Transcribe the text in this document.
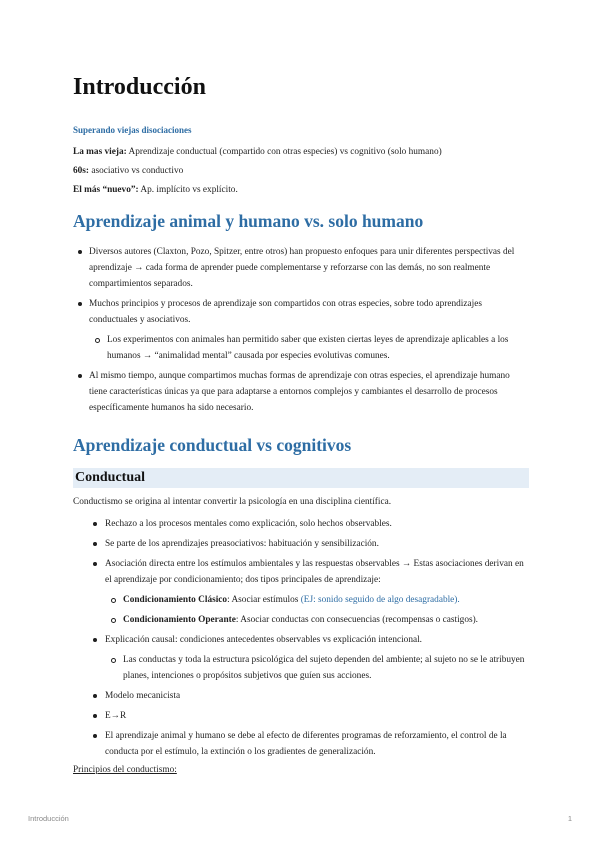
Introducción
Superando viejas disociaciones

La mas vieja: Aprendizaje conductual (compartido con otras especies) vs cognitivo (solo humano)

60s: asociativo vs conductivo

El más “nuevo”: Ap. implícito vs explícito.

Aprendizaje animal y humano vs. solo humano
Diversos autores (Claxton, Pozo, Spitzer, entre otros) han propuesto enfoques para unir diferentes perspectivas del aprendizaje → cada forma de aprender puede complementarse y reforzarse con las demás, no son realmente compartimientos separados.
Muchos principios y procesos de aprendizaje son compartidos con otras especies, sobre todo aprendizajes conductuales y asociativos.
Los experimentos con animales han permitido saber que existen ciertas leyes de aprendizaje aplicables a los humanos → “animalidad mental” causada por especies evolutivas comunes.
Al mismo tiempo, aunque compartimos muchas formas de aprendizaje con otras especies, el aprendizaje humano tiene características únicas ya que para adaptarse a entornos complejos y cambiantes el desarrollo de procesos específicamente humanos ha sido necesario.
Aprendizaje conductual vs cognitivos
Conductual

Conductismo se origina al intentar convertir la psicología en una disciplina científica.

Rechazo a los procesos mentales como explicación, solo hechos observables.
Se parte de los aprendizajes preasociativos: habituación y sensibilización.
Asociación directa entre los estímulos ambientales y las respuestas observables → Estas asociaciones derivan en el aprendizaje por condicionamiento; dos tipos principales de aprendizaje:
Condicionamiento Clásico: Asociar estímulos (EJ: sonido seguido de algo desagradable).
Condicionamiento Operante: Asociar conductas con consecuencias (recompensas o castigos).
Explicación causal: condiciones antecedentes observables vs explicación intencional.
Las conductas y toda la estructura psicológica del sujeto dependen del ambiente; al sujeto no se le atribuyen planes, intenciones o propósitos subjetivos que guíen sus acciones.
Modelo mecanicista
E→R
El aprendizaje animal y humano se debe al efecto de diferentes programas de reforzamiento, el control de la conducta por el estímulo, la extinción o los gradientes de generalización.
Principios del conductismo:
Introducción	1
